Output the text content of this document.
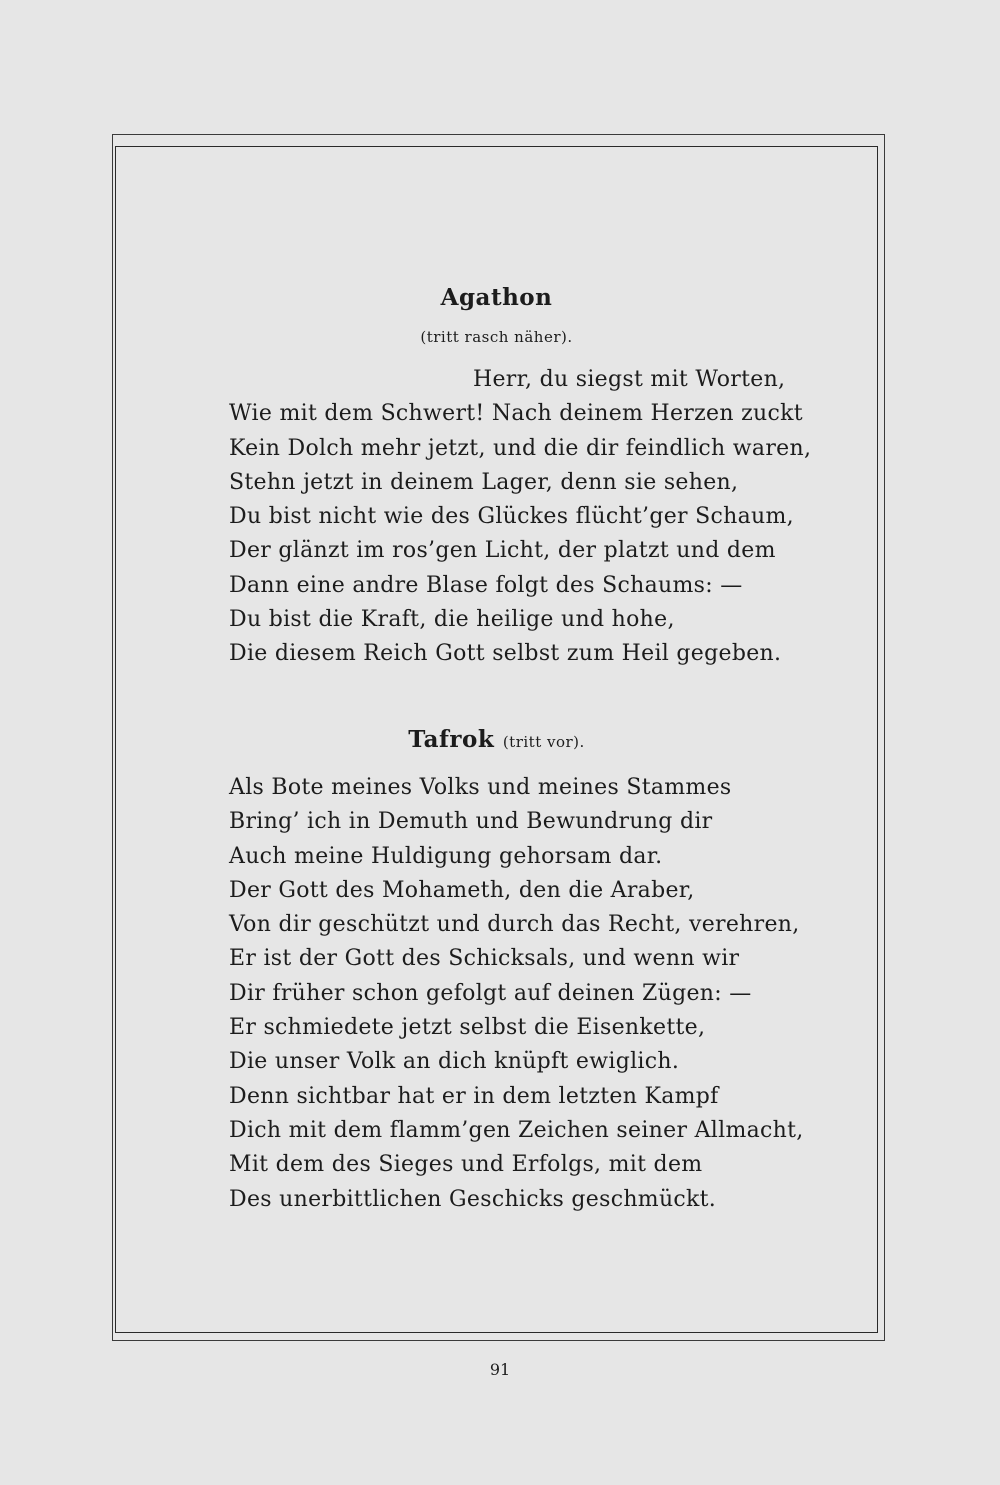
Agathon
(tritt rasch näher).
Herr, du siegst mit Worten,
Wie mit dem Schwert! Nach deinem Herzen zuckt
Kein Dolch mehr jetzt, und die dir feindlich waren,
Stehn jetzt in deinem Lager, denn sie sehen,
Du bist nicht wie des Glückes flücht’ger Schaum,
Der glänzt im ros’gen Licht, der platzt und dem
Dann eine andre Blase folgt des Schaums: —
Du bist die Kraft, die heilige und hohe,
Die diesem Reich Gott selbst zum Heil gegeben.
Tafrok (tritt vor).
Als Bote meines Volks und meines Stammes
Bring’ ich in Demuth und Bewundrung dir
Auch meine Huldigung gehorsam dar.
Der Gott des Mohameth, den die Araber,
Von dir geschützt und durch das Recht, verehren,
Er ist der Gott des Schicksals, und wenn wir
Dir früher schon gefolgt auf deinen Zügen: —
Er schmiedete jetzt selbst die Eisenkette,
Die unser Volk an dich knüpft ewiglich.
Denn sichtbar hat er in dem letzten Kampf
Dich mit dem flamm’gen Zeichen seiner Allmacht,
Mit dem des Sieges und Erfolgs, mit dem
Des unerbittlichen Geschicks geschmückt.
91
